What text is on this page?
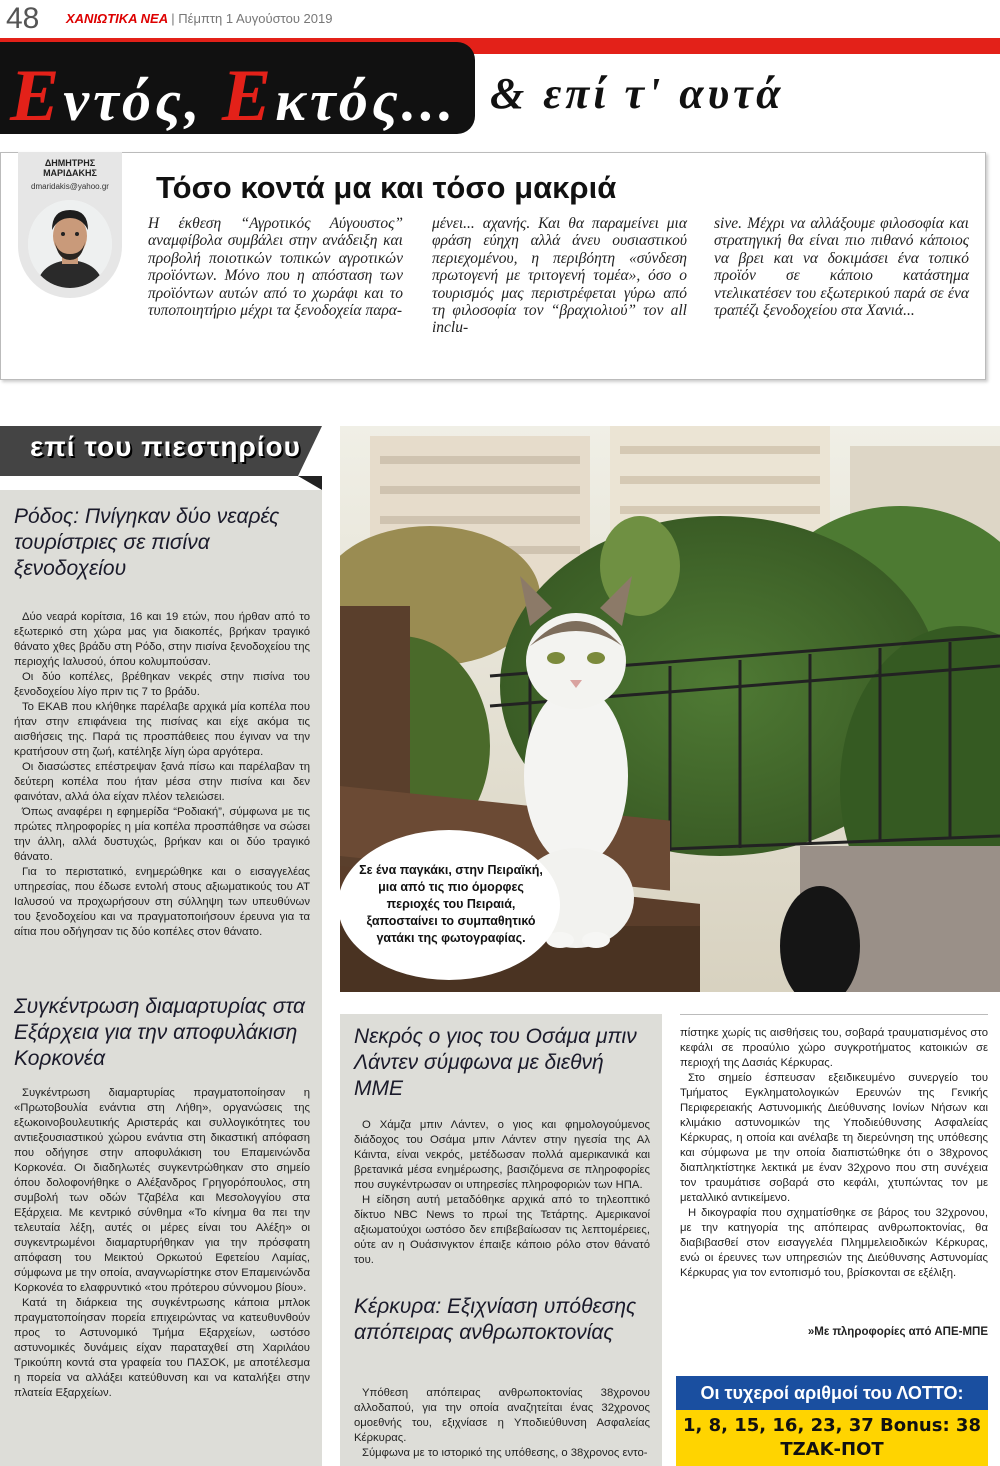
48 ΧΑΝΙΩΤΙΚΑ ΝΕΑ | Πέμπτη 1 Αυγούστου 2019
Εντός, Εκτός... & επί τ' αυτά
ΔΗΜΗΤΡΗΣ ΜΑΡΙΔΑΚΗΣ
dmaridakis@yahoo.gr	Τόσο κοντά μα και τόσο μακριά
Η έκθεση “Αγροτικός Αύγουστος” αναμφίβολα συμβάλει στην ανάδειξη και προβολή ποιοτικών τοπικών αγροτικών προϊόντων. Μόνο που η απόσταση των προϊόντων αυτών από το χωράφι και το τυποποιητήριο μέχρι τα ξενοδοχεία παρα-
μένει... αχανής. Και θα παραμείνει μια φράση εύηχη αλλά άνευ ουσιαστικού περιεχομένου, η περιβόητη «σύνδεση πρωτογενή με τριτογενή τομέα», όσο ο τουρισμός μας περιστρέφεται γύρω από τη φιλοσοφία τον “βραχιολιού” τον all inclu-
sive. Μέχρι να αλλάξουμε φιλοσοφία και στρατηγική θα είναι πιο πιθανό κάποιος να βρει και να δοκιμάσει ένα τοπικό προϊόν σε κάποιο κατάστημα ντελικατέσεν του εξωτερικού παρά σε ένα τραπέζι ξενοδοχείου στα Χανιά...
επί του πιεστηρίου
Ρόδος: Πνίγηκαν δύο νεαρές τουρίστριες σε πισίνα ξενοδοχείου

Δύο νεαρά κορίτσια, 16 και 19 ετών, που ήρθαν από το εξωτερικό στη χώρα μας για διακοπές, βρήκαν τραγικό θάνατο χθες βράδυ στη Ρόδο, στην πισίνα ξενοδοχείου της περιοχής Ιαλυσού, όπου κολυμπούσαν.

Οι δύο κοπέλες, βρέθηκαν νεκρές στην πισίνα του ξενοδοχείου λίγο πριν τις 7 το βράδυ.

Το ΕΚΑΒ που κλήθηκε παρέλαβε αρχικά μία κοπέλα που ήταν στην επιφάνεια της πισίνας και είχε ακόμα τις αισθήσεις της. Παρά τις προσπάθειες που έγιναν να την κρατήσουν στη ζωή, κατέληξε λίγη ώρα αργότερα.

Οι διασώστες επέστρεψαν ξανά πίσω και παρέλαβαν τη δεύτερη κοπέλα που ήταν μέσα στην πισίνα και δεν φαινόταν, αλλά όλα είχαν πλέον τελειώσει.

Όπως αναφέρει η εφημερίδα “Ροδιακή”, σύμφωνα με τις πρώτες πληροφορίες η μία κοπέλα προσπάθησε να σώσει την άλλη, αλλά δυστυχώς, βρήκαν και οι δύο τραγικό θάνατο.

Για το περιστατικό, ενημερώθηκε και ο εισαγγελέας υπηρεσίας, που έδωσε εντολή στους αξιωματικούς του ΑΤ Ιαλυσού να προχωρήσουν στη σύλληψη των υπευθύνων του ξενοδοχείου και να πραγματοποιήσουν έρευνα για τα αίτια που οδήγησαν τις δύο κοπέλες στον θάνατο.

Συγκέντρωση διαμαρτυρίας στα Εξάρχεια για την αποφυλάκιση Κορκονέα

Συγκέντρωση διαμαρτυρίας πραγματοποίησαν η «Πρωτοβουλία ενάντια στη Λήθη», οργανώσεις της εξωκοινοβουλευτικής Αριστεράς και συλλογικότητες του αντιεξουσιαστικού χώρου ενάντια στη δικαστική απόφαση που οδήγησε στην αποφυλάκιση του Επαμεινώνδα Κορκονέα. Οι διαδηλωτές συγκεντρώθηκαν στο σημείο όπου δολοφονήθηκε ο Αλέξανδρος Γρηγορόπουλος, στη συμβολή των οδών Τζαβέλα και Μεσολογγίου στα Εξάρχεια. Με κεντρικό σύνθημα «Το κίνημα θα πει την τελευταία λέξη, αυτές οι μέρες είναι του Αλέξη» οι συγκεντρωμένοι διαμαρτυρήθηκαν για την πρόσφατη απόφαση του Μεικτού Ορκωτού Εφετείου Λαμίας, σύμφωνα με την οποία, αναγνωρίστηκε στον Επαμεινώνδα Κορκονέα το ελαφρυντικό «του πρότερου σύννομου βίου».

Κατά τη διάρκεια της συγκέντρωσης κάποια μπλοκ πραγματοποίησαν πορεία επιχειρώντας να κατευθυνθούν προς το Αστυνομικό Τμήμα Εξαρχείων, ωστόσο αστυνομικές δυνάμεις είχαν παραταχθεί στη Χαριλάου Τρικούπη κοντά στα γραφεία του ΠΑΣΟΚ, με αποτέλεσμα η πορεία να αλλάξει κατεύθυνση και να καταλήξει στην πλατεία Εξαρχείων.

Σε ένα παγκάκι, στην Πειραϊκή, μια από τις πιο όμορφες περιοχές του Πειραιά, ξαποσταίνει το συμπαθητικό γατάκι της φωτογραφίας.
Νεκρός ο γιος του Οσάμα μπιν Λάντεν σύμφωνα με διεθνή ΜΜΕ

Ο Χάμζα μπιν Λάντεν, ο γιος και φημολογούμενος διάδοχος του Οσάμα μπιν Λάντεν στην ηγεσία της Αλ Κάιντα, είναι νεκρός, μετέδωσαν πολλά αμερικανικά και βρετανικά μέσα ενημέρωσης, βασιζόμενα σε πληροφορίες που συγκέντρωσαν οι υπηρεσίες πληροφοριών των ΗΠΑ.

Η είδηση αυτή μεταδόθηκε αρχικά από το τηλεοπτικό δίκτυο NBC News το πρωί της Τετάρτης. Αμερικανοί αξιωματούχοι ωστόσο δεν επιβεβαίωσαν τις λεπτομέρειες, ούτε αν η Ουάσινγκτον έπαιξε κάποιο ρόλο στον θάνατό του.

Κέρκυρα: Εξιχνίαση υπόθεσης απόπειρας ανθρωποκτονίας

Υπόθεση απόπειρας ανθρωποκτονίας 38χρονου αλλοδαπού, για την οποία αναζητείται ένας 32χρονος ομοεθνής του, εξιχνίασε η Υποδιεύθυνση Ασφαλείας Κέρκυρας.

Σύμφωνα με το ιστορικό της υπόθεσης, ο 38χρονος εντο-

πίστηκε χωρίς τις αισθήσεις του, σοβαρά τραυματισμένος στο κεφάλι σε προαύλιο χώρο συγκροτήματος κατοικιών σε περιοχή της Δασιάς Κέρκυρας.

Στο σημείο έσπευσαν εξειδικευμένο συνεργείο του Τμήματος Εγκληματολογικών Ερευνών της Γενικής Περιφερειακής Αστυνομικής Διεύθυνσης Ιονίων Νήσων και κλιμάκιο αστυνομικών της Υποδιεύθυνσης Ασφαλείας Κέρκυρας, η οποία και ανέλαβε τη διερεύνηση της υπόθεσης και σύμφωνα με την οποία διαπιστώθηκε ότι ο 38χρονος διαπληκτίστηκε λεκτικά με έναν 32χρονο που στη συνέχεια τον τραυμάτισε σοβαρά στο κεφάλι, χτυπώντας τον με μεταλλικό αντικείμενο.

Η δικογραφία που σχηματίσθηκε σε βάρος του 32χρονου, με την κατηγορία της απόπειρας ανθρωποκτονίας, θα διαβιβασθεί στον εισαγγελέα Πλημμελειοδικών Κέρκυρας, ενώ οι έρευνες των υπηρεσιών της Διεύθυνσης Αστυνομίας Κέρκυρας για τον εντοπισμό του, βρίσκονται σε εξέλιξη.

»Με πληροφορίες από ΑΠΕ-ΜΠΕ
Οι τυχεροί αριθμοί του ΛΟΤΤΟ:
1, 8, 15, 16, 23, 37 Bonus: 38
ΤΖΑΚ-ΠΟΤ
